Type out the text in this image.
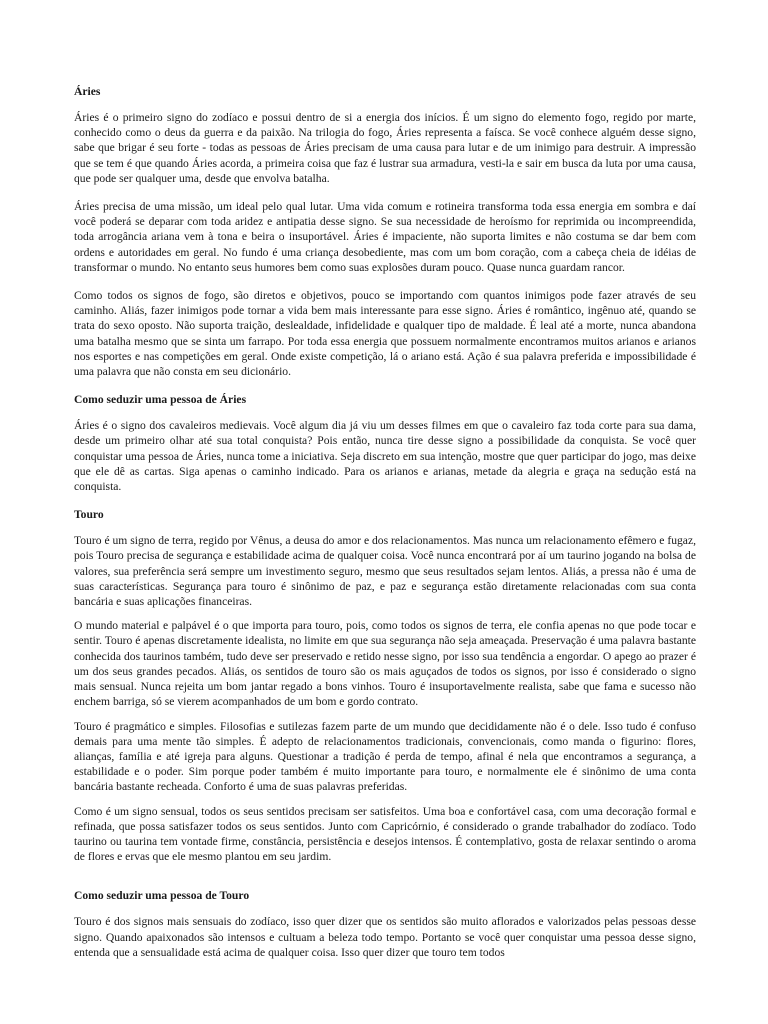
Áries

Áries é o primeiro signo do zodíaco e possui dentro de si a energia dos inícios. É um signo do elemento fogo, regido por marte, conhecido como o deus da guerra e da paixão. Na trilogia do fogo, Áries representa a faísca. Se você conhece alguém desse signo, sabe que brigar é seu forte - todas as pessoas de Áries precisam de uma causa para lutar e de um inimigo para destruir. A impressão que se tem é que quando Áries acorda, a primeira coisa que faz é lustrar sua armadura, vesti-la e sair em busca da luta por uma causa, que pode ser qualquer uma, desde que envolva batalha.

Áries precisa de uma missão, um ideal pelo qual lutar. Uma vida comum e rotineira transforma toda essa energia em sombra e daí você poderá se deparar com toda aridez e antipatia desse signo. Se sua necessidade de heroísmo for reprimida ou incompreendida, toda arrogância ariana vem à tona e beira o insuportável. Áries é impaciente, não suporta limites e não costuma se dar bem com ordens e autoridades em geral. No fundo é uma criança desobediente, mas com um bom coração, com a cabeça cheia de idéias de transformar o mundo. No entanto seus humores bem como suas explosões duram pouco. Quase nunca guardam rancor.

Como todos os signos de fogo, são diretos e objetivos, pouco se importando com quantos inimigos pode fazer através de seu caminho. Aliás, fazer inimigos pode tornar a vida bem mais interessante para esse signo. Áries é romântico, ingênuo até, quando se trata do sexo oposto. Não suporta traição, deslealdade, infidelidade e qualquer tipo de maldade. É leal até a morte, nunca abandona uma batalha mesmo que se sinta um farrapo. Por toda essa energia que possuem normalmente encontramos muitos arianos e arianos nos esportes e nas competições em geral. Onde existe competição, lá o ariano está. Ação é sua palavra preferida e impossibilidade é uma palavra que não consta em seu dicionário.

Como seduzir uma pessoa de Áries

Áries é o signo dos cavaleiros medievais. Você algum dia já viu um desses filmes em que o cavaleiro faz toda corte para sua dama, desde um primeiro olhar até sua total conquista? Pois então, nunca tire desse signo a possibilidade da conquista. Se você quer conquistar uma pessoa de Áries, nunca tome a iniciativa. Seja discreto em sua intenção, mostre que quer participar do jogo, mas deixe que ele dê as cartas. Siga apenas o caminho indicado. Para os arianos e arianas, metade da alegria e graça na sedução está na conquista.

Touro

Touro é um signo de terra, regido por Vênus, a deusa do amor e dos relacionamentos. Mas nunca um relacionamento efêmero e fugaz, pois Touro precisa de segurança e estabilidade acima de qualquer coisa. Você nunca encontrará por aí um taurino jogando na bolsa de valores, sua preferência será sempre um investimento seguro, mesmo que seus resultados sejam lentos. Aliás, a pressa não é uma de suas características. Segurança para touro é sinônimo de paz, e paz e segurança estão diretamente relacionadas com sua conta bancária e suas aplicações financeiras.

O mundo material e palpável é o que importa para touro, pois, como todos os signos de terra, ele confia apenas no que pode tocar e sentir. Touro é apenas discretamente idealista, no limite em que sua segurança não seja ameaçada. Preservação é uma palavra bastante conhecida dos taurinos também, tudo deve ser preservado e retido nesse signo, por isso sua tendência a engordar. O apego ao prazer é um dos seus grandes pecados. Aliás, os sentidos de touro são os mais aguçados de todos os signos, por isso é considerado o signo mais sensual. Nunca rejeita um bom jantar regado a bons vinhos. Touro é insuportavelmente realista, sabe que fama e sucesso não enchem barriga, só se vierem acompanhados de um bom e gordo contrato.

Touro é pragmático e simples. Filosofias e sutilezas fazem parte de um mundo que decididamente não é o dele. Isso tudo é confuso demais para uma mente tão simples. É adepto de relacionamentos tradicionais, convencionais, como manda o figurino: flores, alianças, família e até igreja para alguns. Questionar a tradição é perda de tempo, afinal é nela que encontramos a segurança, a estabilidade e o poder. Sim porque poder também é muito importante para touro, e normalmente ele é sinônimo de uma conta bancária bastante recheada. Conforto é uma de suas palavras preferidas.

Como é um signo sensual, todos os seus sentidos precisam ser satisfeitos. Uma boa e confortável casa, com uma decoração formal e refinada, que possa satisfazer todos os seus sentidos. Junto com Capricórnio, é considerado o grande trabalhador do zodíaco. Todo taurino ou taurina tem vontade firme, constância, persistência e desejos intensos. É contemplativo, gosta de relaxar sentindo o aroma de flores e ervas que ele mesmo plantou em seu jardim.

Como seduzir uma pessoa de Touro

Touro é dos signos mais sensuais do zodíaco, isso quer dizer que os sentidos são muito aflorados e valorizados pelas pessoas desse signo. Quando apaixonados são intensos e cultuam a beleza todo tempo. Portanto se você quer conquistar uma pessoa desse signo, entenda que a sensualidade está acima de qualquer coisa. Isso quer dizer que touro tem todos
